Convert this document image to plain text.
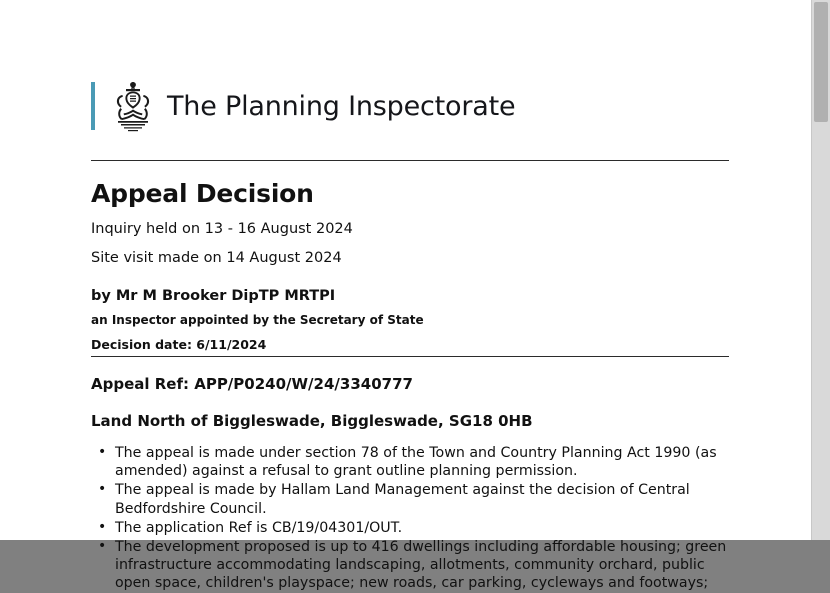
The Planning Inspectorate
Appeal Decision

Inquiry held on 13 - 16 August 2024

Site visit made on 14 August 2024

by Mr M Brooker DipTP MRTPI

an Inspector appointed by the Secretary of State

Decision date: 6/11/2024

Appeal Ref: APP/P0240/W/24/3340777
Land North of Biggleswade, Biggleswade, SG18 0HB
• The appeal is made under section 78 of the Town and Country Planning Act 1990 (as amended) against a refusal to grant outline planning permission.
• The appeal is made by Hallam Land Management against the decision of Central Bedfordshire Council.
• The application Ref is CB/19/04301/OUT.
• The development proposed is up to 416 dwellings including affordable housing; green infrastructure accommodating landscaping, allotments, community orchard, public open space, children's playspace; new roads, car parking, cycleways and footways;
